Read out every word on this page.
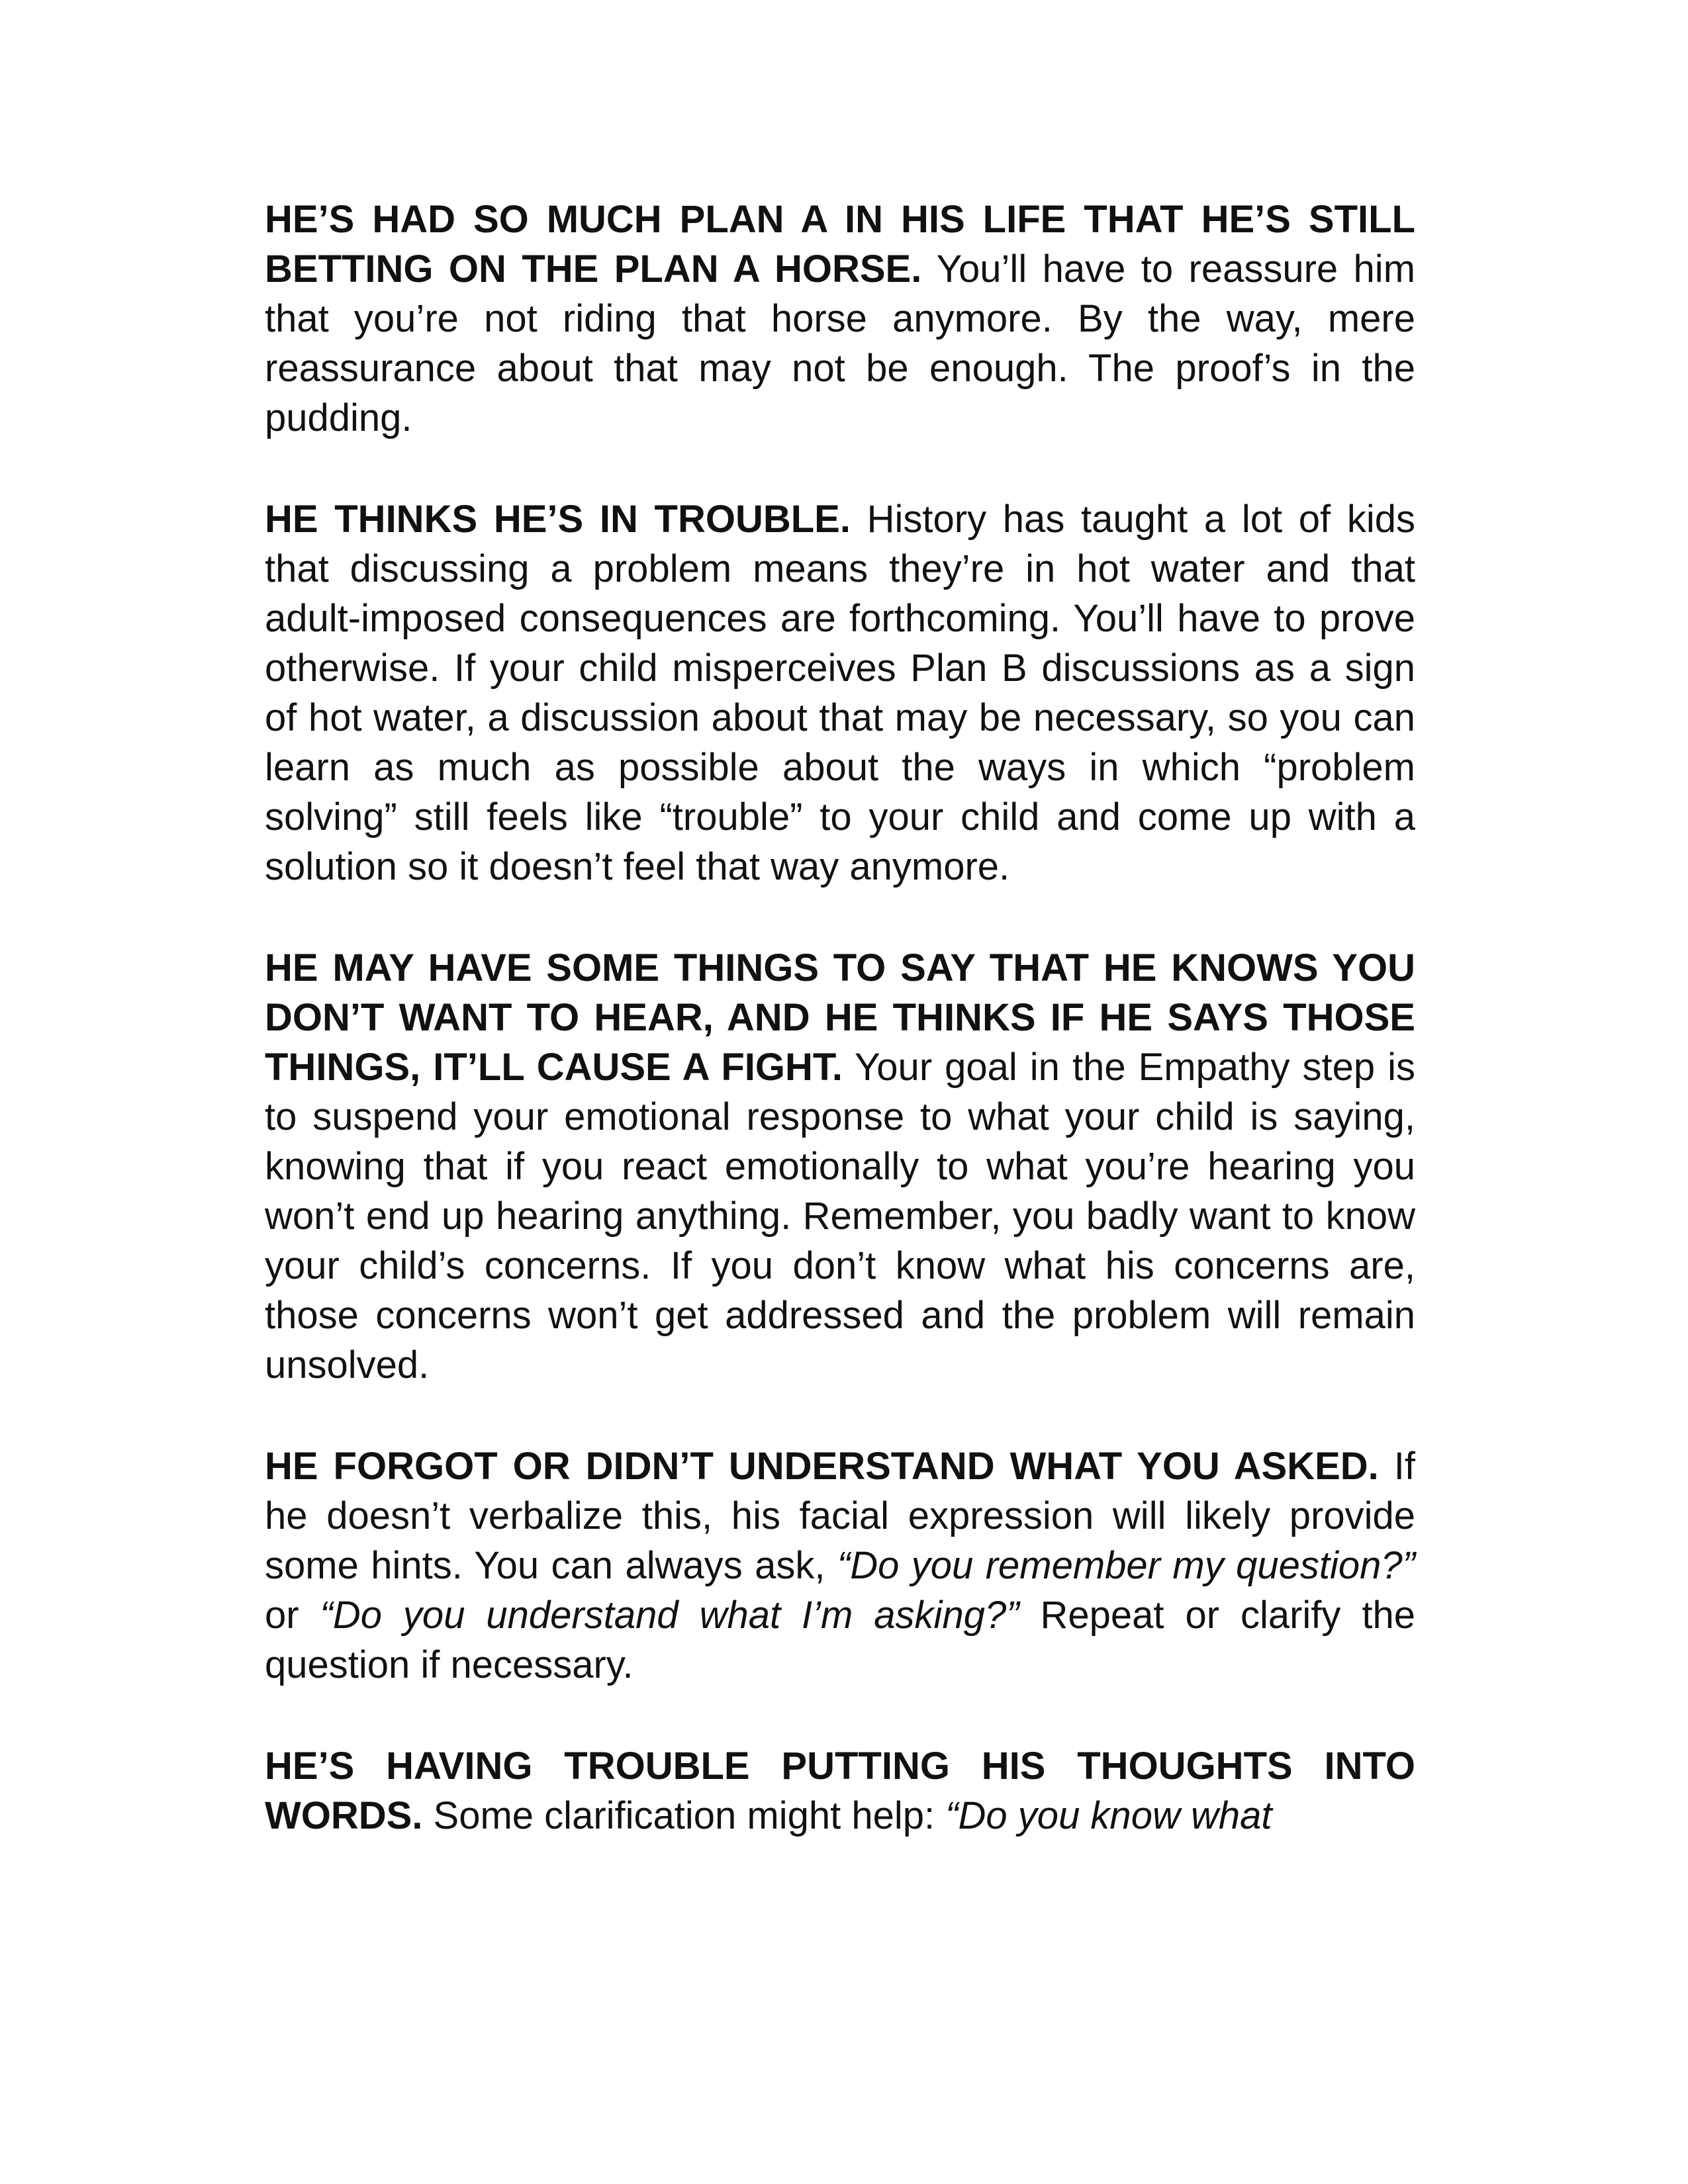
HE’S HAD SO MUCH PLAN A IN HIS LIFE THAT HE’S STILL BETTING ON THE PLAN A HORSE. You’ll have to reassure him that you’re not riding that horse anymore. By the way, mere reassurance about that may not be enough. The proof’s in the pudding.

HE THINKS HE’S IN TROUBLE. History has taught a lot of kids that discussing a problem means they’re in hot water and that adult-imposed consequences are forthcoming. You’ll have to prove otherwise. If your child misperceives Plan B discussions as a sign of hot water, a discussion about that may be necessary, so you can learn as much as possible about the ways in which “problem solving” still feels like “trouble” to your child and come up with a solution so it doesn’t feel that way anymore.

HE MAY HAVE SOME THINGS TO SAY THAT HE KNOWS YOU DON’T WANT TO HEAR, AND HE THINKS IF HE SAYS THOSE THINGS, IT’LL CAUSE A FIGHT. Your goal in the Empathy step is to suspend your emotional response to what your child is saying, knowing that if you react emotionally to what you’re hearing you won’t end up hearing anything. Remember, you badly want to know your child’s concerns. If you don’t know what his concerns are, those concerns won’t get addressed and the problem will remain unsolved.

HE FORGOT OR DIDN’T UNDERSTAND WHAT YOU ASKED. If he doesn’t verbalize this, his facial expression will likely provide some hints. You can always ask, “Do you remember my question?” or “Do you understand what I’m asking?” Repeat or clarify the question if necessary.

HE’S HAVING TROUBLE PUTTING HIS THOUGHTS INTO WORDS. Some clarification might help: “Do you know what
